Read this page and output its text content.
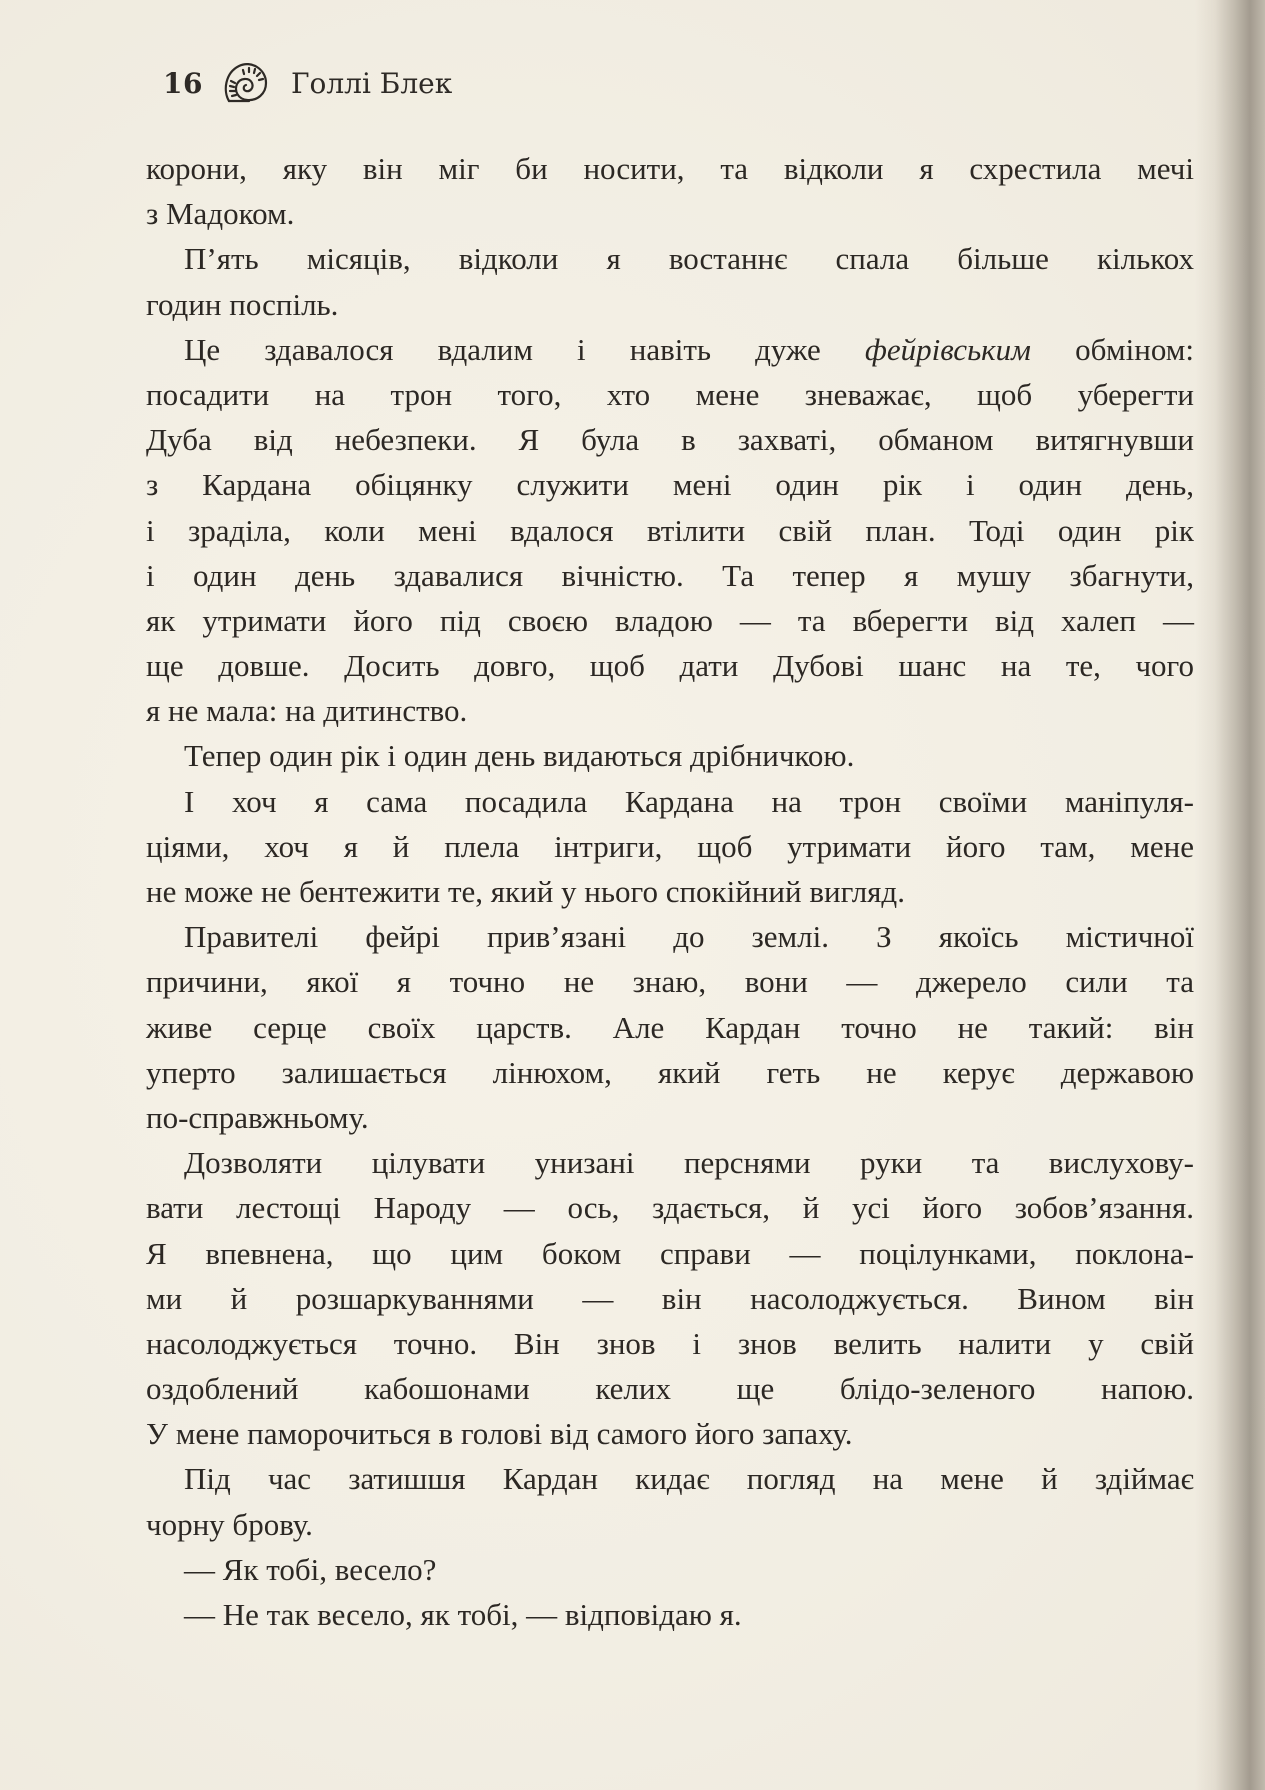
16	Голлі Блек
корони, яку він міг би носити, та відколи я схрестила мечі
з Мадоком.
П’ять місяців, відколи я востаннє спала більше кількох
годин поспіль.
Це здавалося вдалим і навіть дуже фейрівським обміном:
посадити на трон того, хто мене зневажає, щоб уберегти
Дуба від небезпеки. Я була в захваті, обманом витягнувши
з Кардана обіцянку служити мені один рік і один день,
і зраділа, коли мені вдалося втілити свій план. Тоді один рік
і один день здавалися вічністю. Та тепер я мушу збагнути,
як утримати його під своєю владою — та вберегти від халеп —
ще довше. Досить довго, щоб дати Дубові шанс на те, чого
я не мала: на дитинство.
Тепер один рік і один день видаються дрібничкою.
І хоч я сама посадила Кардана на трон своїми маніпуля-
ціями, хоч я й плела інтриги, щоб утримати його там, мене
не може не бентежити те, який у нього спокійний вигляд.
Правителі фейрі прив’язані до землі. З якоїсь містичної
причини, якої я точно не знаю, вони — джерело сили та
живе серце своїх царств. Але Кардан точно не такий: він
уперто залишається лінюхом, який геть не керує державою
по-справжньому.
Дозволяти цілувати унизані перснями руки та вислухову-
вати лестощі Народу — ось, здається, й усі його зобов’язання.
Я впевнена, що цим боком справи — поцілунками, поклона-
ми й розшаркуваннями — він насолоджується. Вином він
насолоджується точно. Він знов і знов велить налити у свій
оздоблений кабошонами келих ще блідо-зеленого напою.
У мене паморочиться в голові від самого його запаху.
Під час затишшя Кардан кидає погляд на мене й здіймає
чорну брову.
— Як тобі, весело?
— Не так весело, як тобі, — відповідаю я.
